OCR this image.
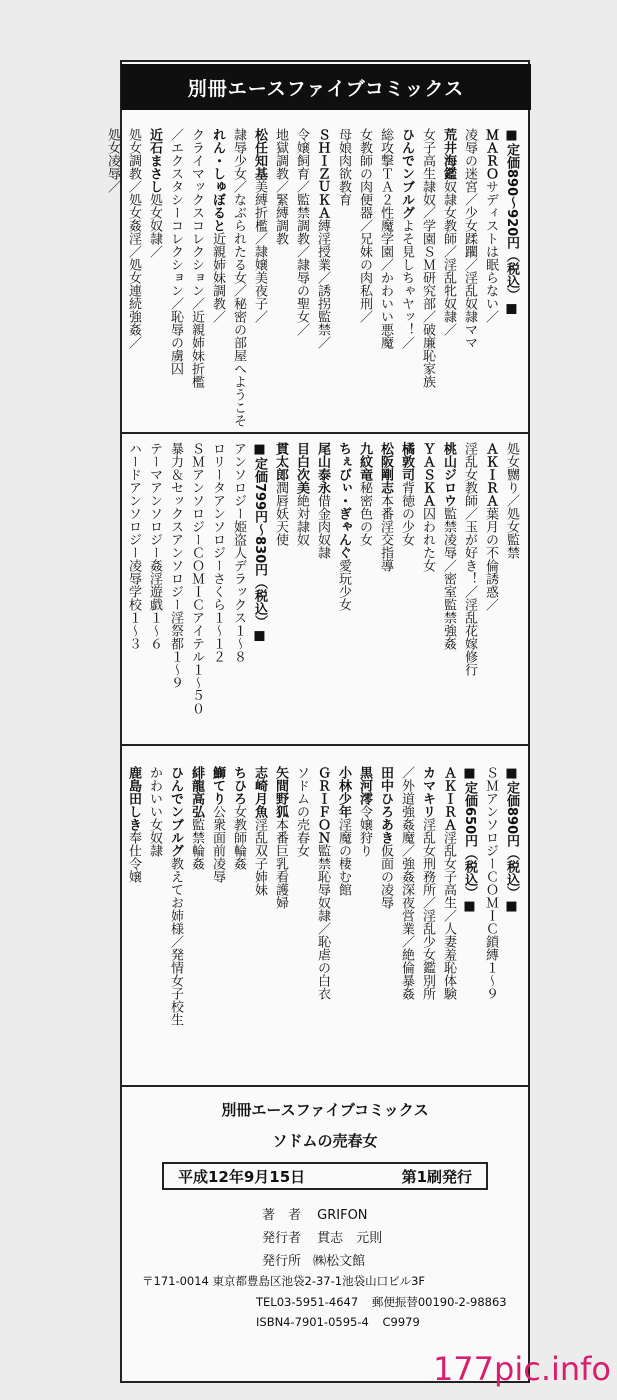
別冊エースファイブコミックス
■定価890〜920円（税込）■
ＭＡＲＯサディストは眠らない／
凌辱の迷宮／少女蹂躙／淫乱奴隷ママ
荒井海鑑奴隷女教師／淫乱牝奴隷／
女子高生隷奴／学園ＳＭ研究部／破廉恥家族
ひんでンブルグよそ見しちゃヤッ！／
総攻撃ＴＡ２性魔学園／かわいい悪魔
女教師の肉便器／兄妹の肉私刑／
母娘肉欲教育
ＳＨＩＺＵＫＡ縛淫授業／誘拐監禁／
令嬢飼育／監禁調教／隷辱の聖女／
地獄調教／緊縛調教
松任知基美縛折檻／隷嬢美夜子／
隷辱少女／なぶられたる女／秘密の部屋へようこそ
れん・しゅぼると近親姉妹調教／
クライマックスコレクション／近親姉妹折檻
／エクスタシーコレクション／恥辱の虜囚
近石まさし処女奴隷／
処女調教／処女姦淫／処女連続強姦／
処女凌辱／
処女嬲り／処女監禁
ＡＫＩＲＡ葉月の不倫誘惑／
淫乱女教師／玉が好き！／淫乱花嫁修行
桃山ジロウ監禁凌辱／密室監禁強姦
ＹＡＳＫＡ囚われた女
橘敦司背徳の少女
松阪剛志本番淫交指導
九紋竜秘密色の女
ちぇびぃ・ぎゃんぐ愛玩少女
尾山泰永借金肉奴隷
目白次美絶対隷奴
貫太郎潤唇妖天使
■定価799円〜830円（税込）■
アンソロジー姫盗人デラックス１〜８
ロリータアンソロジーさくら１〜１２
ＳＭアンソロジーＣＯＭＩＣアイテル１〜５０
暴力＆セックスアンソロジー淫祭都１〜９
テーマアンソロジー姦淫遊戯１〜６
ハードアンソロジー凌辱学校１〜３
■定価890円（税込）■
ＳＭアンソロジーＣＯＭＩＣ鎖縛１〜９
■定価650円（税込）■
ＡＫＩＲＡ淫乱女子高生／人妻羞恥体験
カマキリ淫乱女刑務所／淫乱少女鑑別所
／外道強姦魔／強姦深夜営業／絶倫暴姦
田中ひろあき仮面の凌辱
黒河澪令嬢狩り
小林少年淫魔の棲む館
ＧＲＩＦＯＮ監禁恥辱奴隷／恥虐の白衣
ソドムの売春女
矢間野狐本番巨乳看護婦
志崎月魚淫乱双子姉妹
ちひろ女教師輪姦
鰤てり公衆面前凌辱
緋龍高弘監禁輪姦
ひんでンブルグ教えてお姉様／発情女子校生
かわいい女奴隷
鹿島田しき奉仕令嬢
別冊エースファイブコミックス
ソドムの売春女
平成12年9月15日	第1刷発行
著　者 GRIFON
発行者 貫志　元則
発行所 ㈱松文館
〒171-0014 東京都豊島区池袋2-37-1池袋山口ビル3F
TEL03-5951-4647 郵便振替00190-2-98863
ISBN4-7901-0595-4 C9979
177pic.info
